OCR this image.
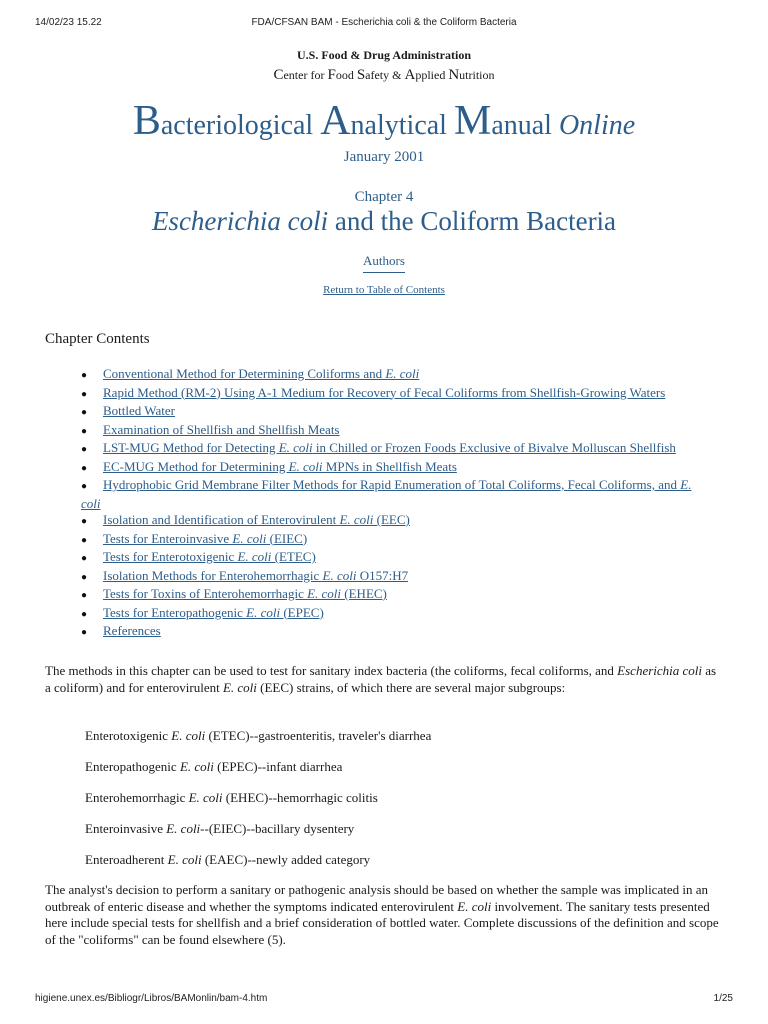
14/02/23 15.22	FDA/CFSAN BAM - Escherichia coli & the Coliform Bacteria
U.S. Food & Drug Administration
Center for Food Safety & Applied Nutrition
Bacteriological Analytical Manual Online
January 2001
Chapter 4
Escherichia coli and the Coliform Bacteria
Authors
Return to Table of Contents
Chapter Contents
● Conventional Method for Determining Coliforms and E. coli
● Rapid Method (RM-2) Using A-1 Medium for Recovery of Fecal Coliforms from Shellfish-Growing Waters
● Bottled Water
● Examination of Shellfish and Shellfish Meats
● LST-MUG Method for Detecting E. coli in Chilled or Frozen Foods Exclusive of Bivalve Molluscan Shellfish
● EC-MUG Method for Determining E. coli MPNs in Shellfish Meats
● Hydrophobic Grid Membrane Filter Methods for Rapid Enumeration of Total Coliforms, Fecal Coliforms, and E. coli
● Isolation and Identification of Enterovirulent E. coli (EEC)
● Tests for Enteroinvasive E. coli (EIEC)
● Tests for Enterotoxigenic E. coli (ETEC)
● Isolation Methods for Enterohemorrhagic E. coli O157:H7
● Tests for Toxins of Enterohemorrhagic E. coli (EHEC)
● Tests for Enteropathogenic E. coli (EPEC)
● References

The methods in this chapter can be used to test for sanitary index bacteria (the coliforms, fecal coliforms, and Escherichia coli as a coliform) and for enterovirulent E. coli (EEC) strains, of which there are several major subgroups:

Enterotoxigenic E. coli (ETEC)--gastroenteritis, traveler's diarrhea

Enteropathogenic E. coli (EPEC)--infant diarrhea

Enterohemorrhagic E. coli (EHEC)--hemorrhagic colitis

Enteroinvasive E. coli--(EIEC)--bacillary dysentery

Enteroadherent E. coli (EAEC)--newly added category

The analyst's decision to perform a sanitary or pathogenic analysis should be based on whether the sample was implicated in an outbreak of enteric disease and whether the symptoms indicated enterovirulent E. coli involvement. The sanitary tests presented here include special tests for shellfish and a brief consideration of bottled water. Complete discussions of the definition and scope of the "coliforms" can be found elsewhere (5).

higiene.unex.es/Bibliogr/Libros/BAMonlin/bam-4.htm	1/25
